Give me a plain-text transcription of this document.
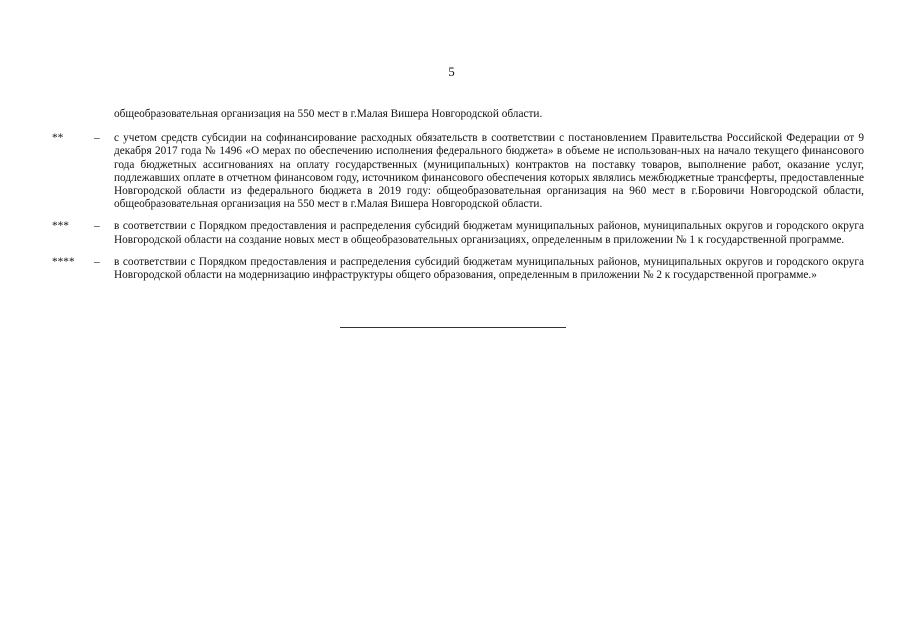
5
общеобразовательная организация на 550 мест в г.Малая Вишера Новгородской области.
**	–	с учетом средств субсидии на софинансирование расходных обязательств в соответствии с постановлением Правительства Российской Федерации от 9 декабря 2017 года № 1496 «О мерах по обеспечению исполнения федерального бюджета» в объеме не использован-ных на начало текущего финансового года бюджетных ассигнованиях на оплату государственных (муниципальных) контрактов на поставку товаров, выполнение работ, оказание услуг, подлежавших оплате в отчетном финансовом году, источником финансового обеспечения которых являлись межбюджетные трансферты, предоставленные Новгородской области из федерального бюджета в 2019 году: общеобразовательная организация на 960 мест в г.Боровичи Новгородской области, общеобразовательная организация на 550 мест в г.Малая Вишера Новгородской области.
***	–	в соответствии с Порядком предоставления и распределения субсидий бюджетам муниципальных районов, муниципальных округов и городского округа Новгородской области на создание новых мест в общеобразовательных организациях, определенным в приложении № 1 к государственной программе.
****	–	в соответствии с Порядком предоставления и распределения субсидий бюджетам муниципальных районов, муниципальных округов и городского округа Новгородской области на модернизацию инфраструктуры общего образования, определенным в приложении № 2 к государственной программе.»
